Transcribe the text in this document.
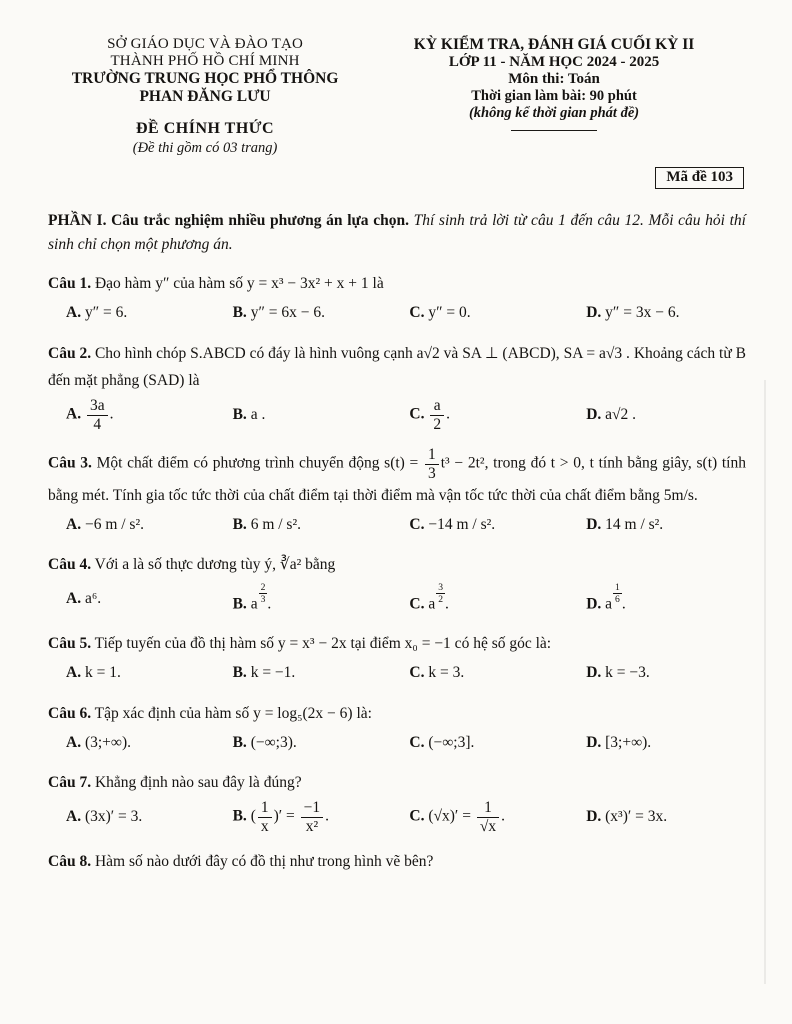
SỞ GIÁO DỤC VÀ ĐÀO TẠO
THÀNH PHỐ HỒ CHÍ MINH
TRƯỜNG TRUNG HỌC PHỔ THÔNG
PHAN ĐĂNG LƯU
ĐỀ CHÍNH THỨC
(Đề thi gồm có 03 trang)
KỲ KIỂM TRA, ĐÁNH GIÁ CUỐI KỲ II
LỚP 11 - NĂM HỌC 2024 - 2025
Môn thi: Toán
Thời gian làm bài: 90 phút
(không kể thời gian phát đề)
Mã đề 103

PHẦN I. Câu trắc nghiệm nhiều phương án lựa chọn. Thí sinh trả lời từ câu 1 đến câu 12. Mỗi câu hỏi thí sinh chỉ chọn một phương án.

Câu 1. Đạo hàm y″ của hàm số y = x³ − 3x² + x + 1 là

A. y″ = 6.	B. y″ = 6x − 6.	C. y″ = 0.	D. y″ = 3x − 6.

Câu 2. Cho hình chóp S.ABCD có đáy là hình vuông cạnh a√2 và SA ⊥ (ABCD), SA = a√3 . Khoảng cách từ B đến mặt phẳng (SAD) là

A. $\frac{3a}{4}$ .	B. a .	C. $\frac{a}{2}$ .	D. a√2 .

Câu 3. Một chất điểm có phương trình chuyển động $s(t) = \frac{1}{3} t^3 - 2t^2$, trong đó t > 0, t tính bằng giây, s(t) tính bằng mét. Tính gia tốc tức thời của chất điểm tại thời điểm mà vận tốc tức thời của chất điểm bằng 5m/s.

A. −6 m / s².	B. 6 m / s².	C. −14 m / s².	D. 14 m / s².

Câu 4. Với a là số thực dương tùy ý, ∛a² bằng

A. a⁶.	B. a $\frac{2}{3}$ .	C. a $\frac{3}{2}$ .	D. a $\frac{1}{6}$ .

Câu 5. Tiếp tuyến của đồ thị hàm số y = x³ − 2x tại điểm x₀ = −1 có hệ số góc là:

A. k = 1.	B. k = −1.	C. k = 3.	D. k = −3.

Câu 6. Tập xác định của hàm số y = log₅(2x − 6) là:

A. (3;+∞).	B. (−∞;3).	C. (−∞;3].	D. [3;+∞).

Câu 7. Khẳng định nào sau đây là đúng?

A. (3x)′ = 3.	B. ( $\frac{1}{x}$ )′ = $\frac{-1}{\text{x²}}$ .	C. $(√x)' = \frac{1}{√x}$ .	D. (x³)′ = 3x.

Câu 8. Hàm số nào dưới đây có đồ thị như trong hình vẽ bên?
